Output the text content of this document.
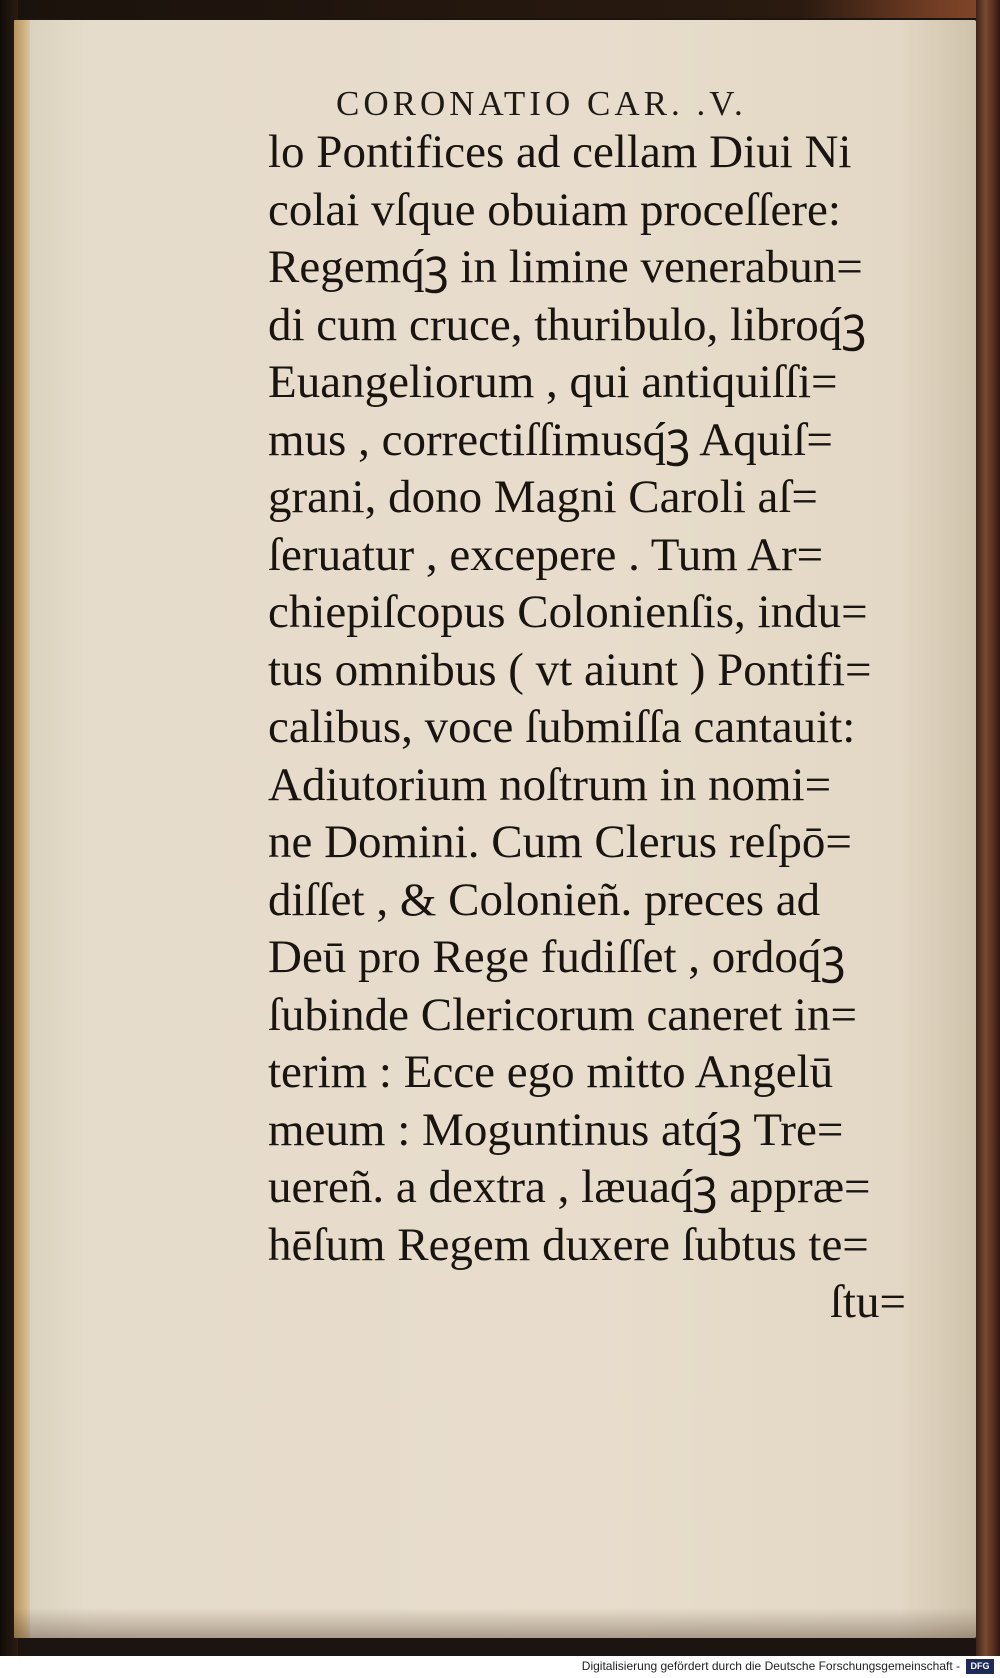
CORONATIO CAR. .V.
lo Pontifices ad cellam Diui Ni
colai vſque obuiam proceſſere:
Regemq́ꝫ in limine venerabun=
di cum cruce, thuribulo, libroq́ꝫ
Euangeliorum , qui antiquiſſi=
mus , correctiſſimusq́ꝫ Aquiſ=
grani, dono Magni Caroli aſ=
ſeruatur , excepere . Tum Ar=
chiepiſcopus Colonienſis, indu=
tus omnibus ( vt aiunt ) Pontifi=
calibus, voce ſubmiſſa cantauit:
Adiutorium noſtrum in nomi=
ne Domini. Cum Clerus reſpō=
diſſet , & Colonieñ. preces ad
Deū pro Rege fudiſſet , ordoq́ꝫ
ſubinde Clericorum caneret in=
terim : Ecce ego mitto Angelū
meum : Moguntinus atq́ꝫ Tre=
uereñ. a dextra , læuaq́ꝫ appræ=
hēſum Regem duxere ſubtus te=
ſtu=
Digitalisierung gefördert durch die Deutsche Forschungsgemeinschaft -	DFG
